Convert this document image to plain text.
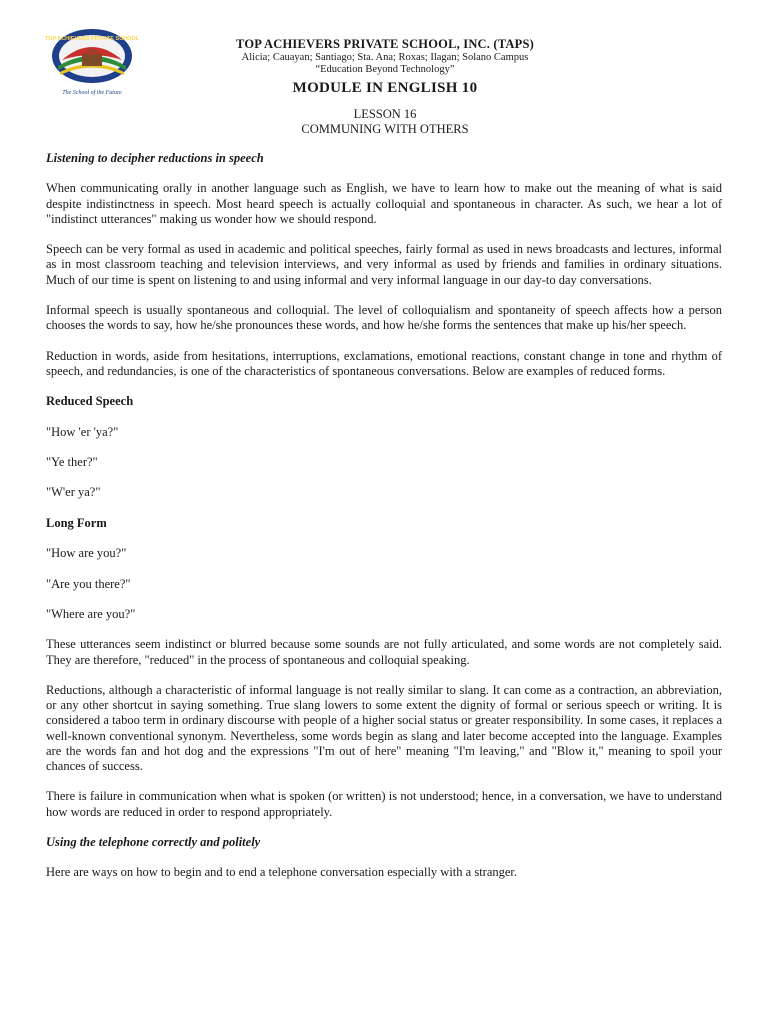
TOP ACHIEVERS PRIVATE SCHOOL
The School of the Future
TOP ACHIEVERS PRIVATE SCHOOL, INC. (TAPS)
Alicia; Cauayan; Santiago; Sta. Ana; Roxas; Ilagan; Solano Campus
“Education Beyond Technology”
MODULE IN ENGLISH 10
LESSON 16
COMMUNING WITH OTHERS

Listening to decipher reductions in speech

When communicating orally in another language such as English, we have to learn how to make out the meaning of what is said despite indistinctness in speech. Most heard speech is actually colloquial and spontaneous in character. As such, we hear a lot of "indistinct utterances" making us wonder how we should respond.

Speech can be very formal as used in academic and political speeches, fairly formal as used in news broadcasts and lectures, informal as in most classroom teaching and television interviews, and very informal as used by friends and families in ordinary situations. Much of our time is spent on listening to and using informal and very informal language in our day-to day conversations.

Informal speech is usually spontaneous and colloquial. The level of colloquialism and spontaneity of speech affects how a person chooses the words to say, how he/she pronounces these words, and how he/she forms the sentences that make up his/her speech.

Reduction in words, aside from hesitations, interruptions, exclamations, emotional reactions, constant change in tone and rhythm of speech, and redundancies, is one of the characteristics of spontaneous conversations. Below are examples of reduced forms.

Reduced Speech

"How 'er 'ya?"

"Ye ther?"

"W'er ya?"

Long Form

"How are you?"

"Are you there?"

"Where are you?"

These utterances seem indistinct or blurred because some sounds are not fully articulated, and some words are not completely said. They are therefore, "reduced" in the process of spontaneous and colloquial speaking.

Reductions, although a characteristic of informal language is not really similar to slang. It can come as a contraction, an abbreviation, or any other shortcut in saying something. True slang lowers to some extent the dignity of formal or serious speech or writing. It is considered a taboo term in ordinary discourse with people of a higher social status or greater responsibility. In some cases, it replaces a well-known conventional synonym. Nevertheless, some words begin as slang and later become accepted into the language. Examples are the words fan and hot dog and the expressions "I'm out of here" meaning "I'm leaving," and "Blow it," meaning to spoil your chances of success.

There is failure in communication when what is spoken (or written) is not understood; hence, in a conversation, we have to understand how words are reduced in order to respond appropriately.

Using the telephone correctly and politely

Here are ways on how to begin and to end a telephone conversation especially with a stranger.
